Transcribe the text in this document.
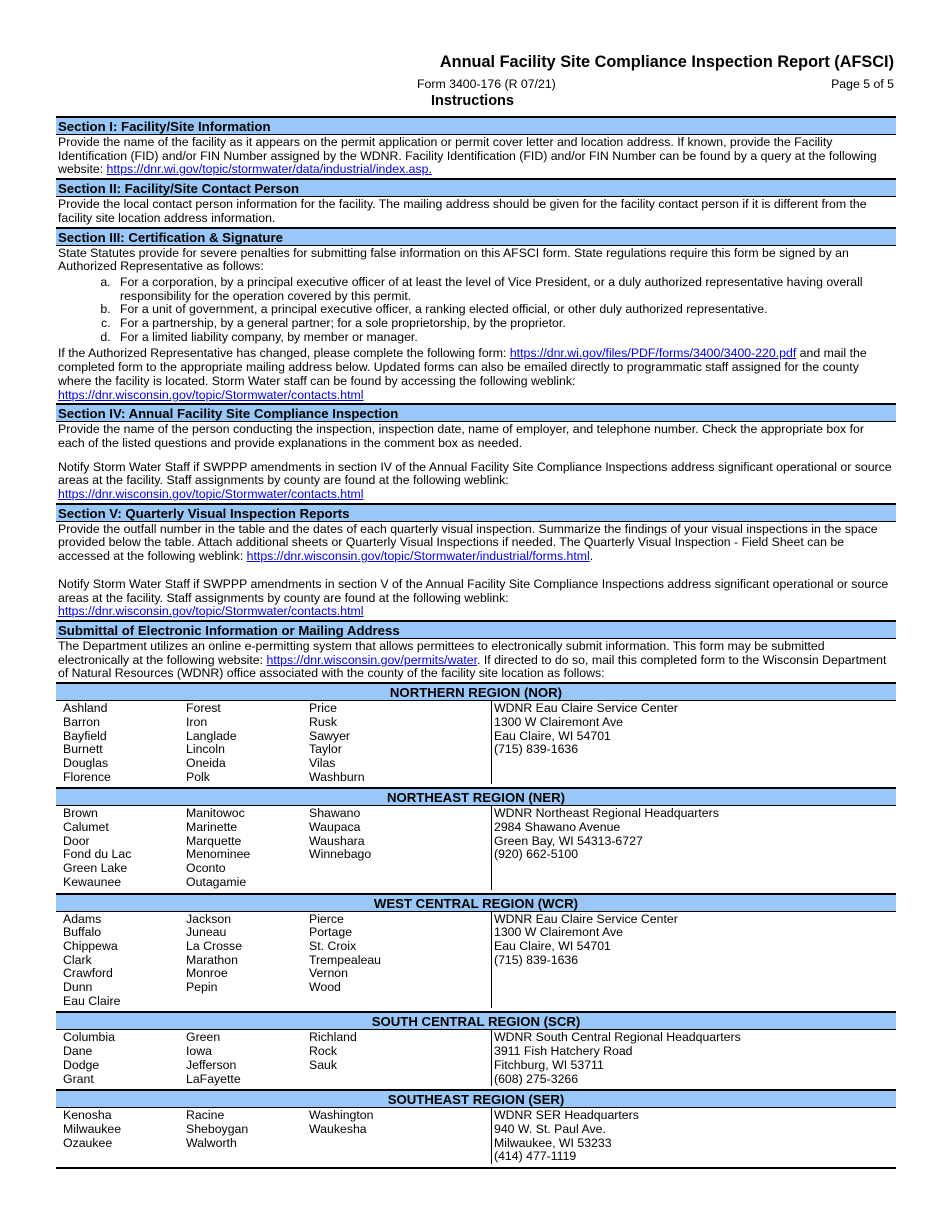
Annual Facility Site Compliance Inspection Report (AFSCI)
Form 3400-176 (R 07/21)	Page 5 of 5
Instructions
Section I: Facility/Site Information

Provide the name of the facility as it appears on the permit application or permit cover letter and location address. If known, provide the Facility Identification (FID) and/or FIN Number assigned by the WDNR. Facility Identification (FID) and/or FIN Number can be found by a query at the following website: https://dnr.wi.gov/topic/stormwater/data/industrial/index.asp.

Section II: Facility/Site Contact Person

Provide the local contact person information for the facility. The mailing address should be given for the facility contact person if it is different from the facility site location address information.

Section III: Certification & Signature

State Statutes provide for severe penalties for submitting false information on this AFSCI form. State regulations require this form be signed by an Authorized Representative as follows:

a. For a corporation, by a principal executive officer of at least the level of Vice President, or a duly authorized representative having overall responsibility for the operation covered by this permit.
b. For a unit of government, a principal executive officer, a ranking elected official, or other duly authorized representative.
c. For a partnership, by a general partner; for a sole proprietorship, by the proprietor.
d. For a limited liability company, by member or manager.

If the Authorized Representative has changed, please complete the following form: https://dnr.wi.gov/files/PDF/forms/3400/3400-220.pdf and mail the completed form to the appropriate mailing address below. Updated forms can also be emailed directly to programmatic staff assigned for the county where the facility is located. Storm Water staff can be found by accessing the following weblink:
https://dnr.wisconsin.gov/topic/Stormwater/contacts.html

Section IV: Annual Facility Site Compliance Inspection

Provide the name of the person conducting the inspection, inspection date, name of employer, and telephone number. Check the appropriate box for each of the listed questions and provide explanations in the comment box as needed.

Notify Storm Water Staff if SWPPP amendments in section IV of the Annual Facility Site Compliance Inspections address significant operational or source areas at the facility. Staff assignments by county are found at the following weblink:
https://dnr.wisconsin.gov/topic/Stormwater/contacts.html

Section V: Quarterly Visual Inspection Reports

Provide the outfall number in the table and the dates of each quarterly visual inspection. Summarize the findings of your visual inspections in the space provided below the table. Attach additional sheets or Quarterly Visual Inspections if needed. The Quarterly Visual Inspection - Field Sheet can be accessed at the following weblink: https://dnr.wisconsin.gov/topic/Stormwater/industrial/forms.html.

Notify Storm Water Staff if SWPPP amendments in section V of the Annual Facility Site Compliance Inspections address significant operational or source areas at the facility. Staff assignments by county are found at the following weblink:
https://dnr.wisconsin.gov/topic/Stormwater/contacts.html

Submittal of Electronic Information or Mailing Address

The Department utilizes an online e-permitting system that allows permittees to electronically submit information. This form may be submitted electronically at the following website: https://dnr.wisconsin.gov/permits/water. If directed to do so, mail this completed form to the Wisconsin Department of Natural Resources (WDNR) office associated with the county of the facility site location as follows:

NORTHERN REGION (NOR)
Ashland
Barron
Bayfield
Burnett
Douglas
Florence
Forest
Iron
Langlade
Lincoln
Oneida
Polk
Price
Rusk
Sawyer
Taylor
Vilas
Washburn
WDNR Eau Claire Service Center
1300 W Clairemont Ave
Eau Claire, WI 54701
(715) 839-1636
NORTHEAST REGION (NER)
Brown
Calumet
Door
Fond du Lac
Green Lake
Kewaunee
Manitowoc
Marinette
Marquette
Menominee
Oconto
Outagamie
Shawano
Waupaca
Waushara
Winnebago
WDNR Northeast Regional Headquarters
2984 Shawano Avenue
Green Bay, WI 54313-6727
(920) 662-5100
WEST CENTRAL REGION (WCR)
Adams
Buffalo
Chippewa
Clark
Crawford
Dunn
Eau Claire
Jackson
Juneau
La Crosse
Marathon
Monroe
Pepin
Pierce
Portage
St. Croix
Trempealeau
Vernon
Wood
WDNR Eau Claire Service Center
1300 W Clairemont Ave
Eau Claire, WI 54701
(715) 839-1636
SOUTH CENTRAL REGION (SCR)
Columbia
Dane
Dodge
Grant
Green
Iowa
Jefferson
LaFayette
Richland
Rock
Sauk
WDNR South Central Regional Headquarters
3911 Fish Hatchery Road
Fitchburg, WI 53711
(608) 275-3266
SOUTHEAST REGION (SER)
Kenosha
Milwaukee
Ozaukee
Racine
Sheboygan
Walworth
Washington
Waukesha
WDNR SER Headquarters
940 W. St. Paul Ave.
Milwaukee, WI 53233
(414) 477-1119
